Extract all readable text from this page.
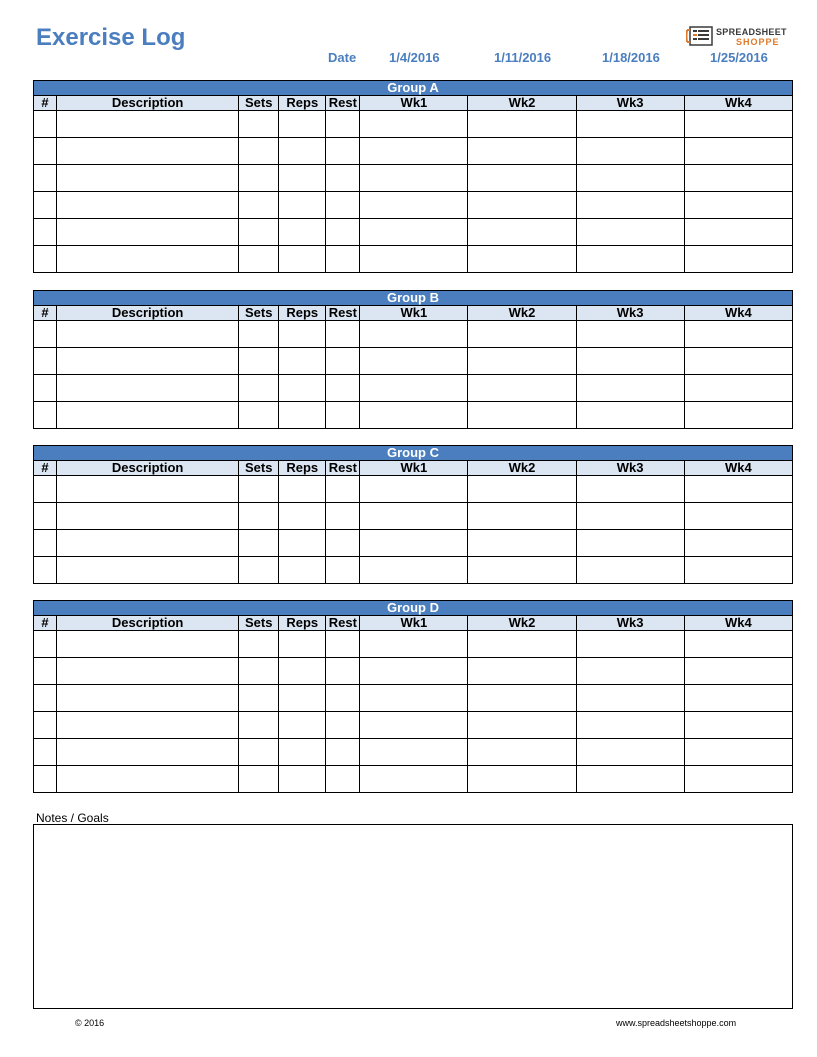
Exercise Log
Date	1/4/2016	1/11/2016	1/18/2016	1/25/2016
SPREADSHEET
SHOPPE
Group A								
#	Description	Sets	Reps	Rest	Wk1	Wk2	Wk3	Wk4

Group B								
#	Description	Sets	Reps	Rest	Wk1	Wk2	Wk3	Wk4

Group C								
#	Description	Sets	Reps	Rest	Wk1	Wk2	Wk3	Wk4

Group D								
#	Description	Sets	Reps	Rest	Wk1	Wk2	Wk3	Wk4

Notes / Goals
© 2016	www.spreadsheetshoppe.com
